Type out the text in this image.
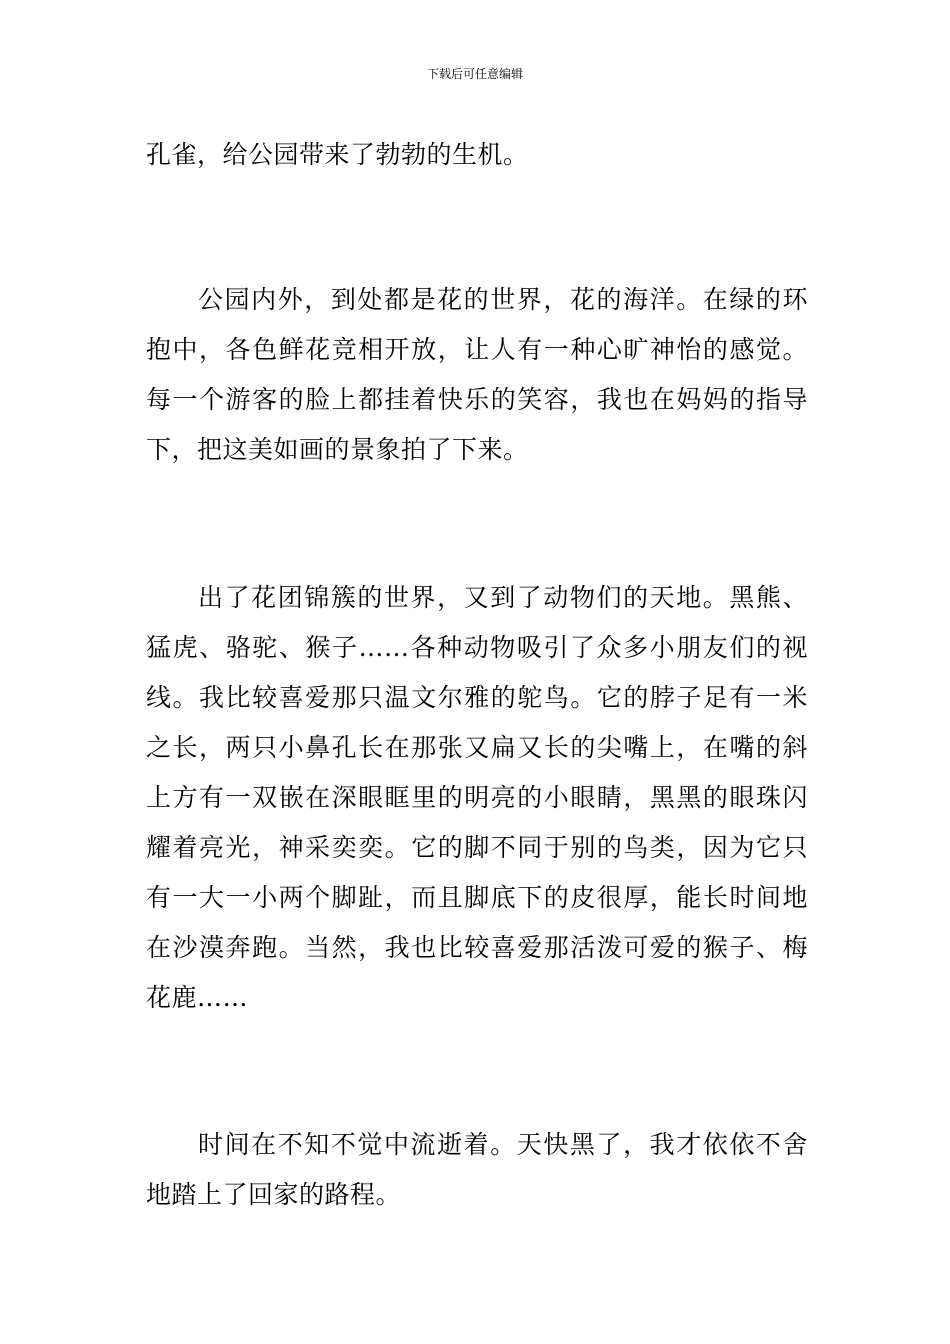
下载后可任意编辑

孔雀，给公园带来了勃勃的生机。

公园内外，到处都是花的世界，花的海洋。在绿的环抱中，各色鲜花竞相开放，让人有一种心旷神怡的感觉。每一个游客的脸上都挂着快乐的笑容，我也在妈妈的指导下，把这美如画的景象拍了下来。

出了花团锦簇的世界，又到了动物们的天地。黑熊、猛虎、骆驼、猴子……各种动物吸引了众多小朋友们的视线。我比较喜爱那只温文尔雅的鸵鸟。它的脖子足有一米之长，两只小鼻孔长在那张又扁又长的尖嘴上，在嘴的斜上方有一双嵌在深眼眶里的明亮的小眼睛，黑黑的眼珠闪耀着亮光，神采奕奕。它的脚不同于别的鸟类，因为它只有一大一小两个脚趾，而且脚底下的皮很厚，能长时间地在沙漠奔跑。当然，我也比较喜爱那活泼可爱的猴子、梅花鹿……

时间在不知不觉中流逝着。天快黑了，我才依依不舍地踏上了回家的路程。
